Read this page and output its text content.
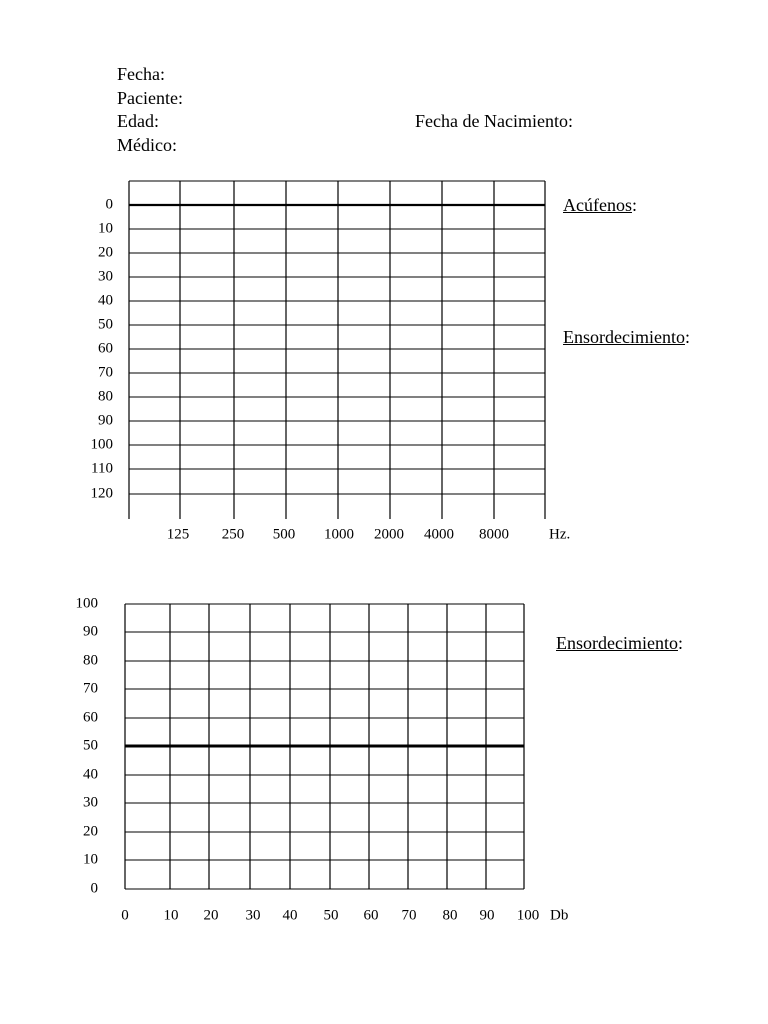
Fecha:
Paciente:
Edad:	Fecha de Nacimiento:
Médico:
Acúfenos:
Ensordecimiento:
Ensordecimiento:
0
10
20
30
40
50
60
70
80
90
100
110
120
125 250 500 1000 2000 4000 8000	Hz.
100
90
80
70
60
50
40
30
20
10
0
0 10 20 30 40 50 60 70 80 90 100 Db
